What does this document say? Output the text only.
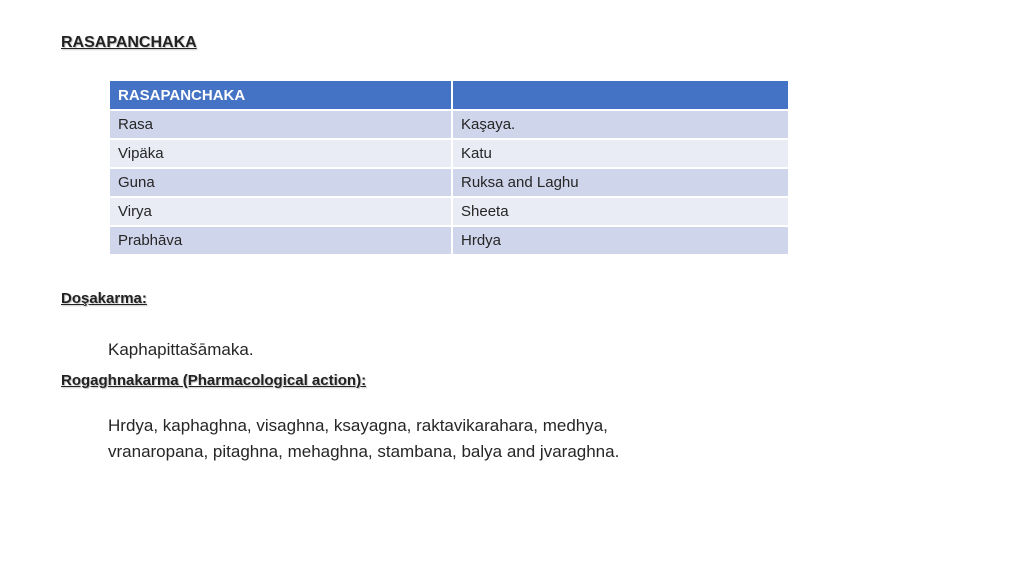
RASAPANCHAKA
RASAPANCHAKA	
Rasa	Kaşaya.
Vipäka	Katu
Guna	Ruksa and Laghu
Virya	Sheeta
Prabhāva	Hrdya
Doşakarma:
Kaphapittašāmaka.
Rogaghnakarma (Pharmacological action):
Hrdya, kaphaghna, visaghna, ksayagna, raktavikarahara, medhya,
vranaropana, pitaghna, mehaghna, stambana, balya and jvaraghna.
